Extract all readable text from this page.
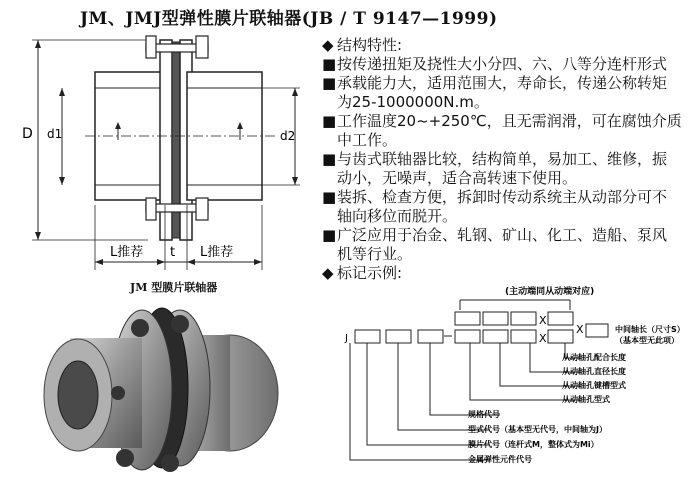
JM、JMJ型弹性膜片联轴器(JB / T 9147—1999)
D d1	d2
L推荐 t L推荐
JM 型膜片联轴器
◆ 结构特性:
■按传递扭矩及挠性大小分四、六、八等分连杆形式
■承载能力大，适用范围大，寿命长，传递公称转矩
为25-1000000N.m。
■工作温度20~+250℃，且无需润滑，可在腐蚀介质
中工作。
■与齿式联轴器比较，结构简单，易加工、维修，振
动小，无噪声，适合高转速下使用。
■装拆、检查方便，拆卸时传动系统主从动部分可不
轴向移位而脱开。
■广泛应用于冶金、轧钢、矿山、化工、造船、泵风
机等行业。
◆ 标记示例:
(主动端同从动端对应)
X
J	X
X	中间轴长（尺寸S）
（基本型无此项）
从动轴孔配合长度
从动轴孔直径长度
从动轴孔键槽型式
从动轴孔型式
规格代号
型式代号（基本型无代号，中间轴为J）
膜片代号（连杆式M，整体式为Mi）
金属弹性元件代号
